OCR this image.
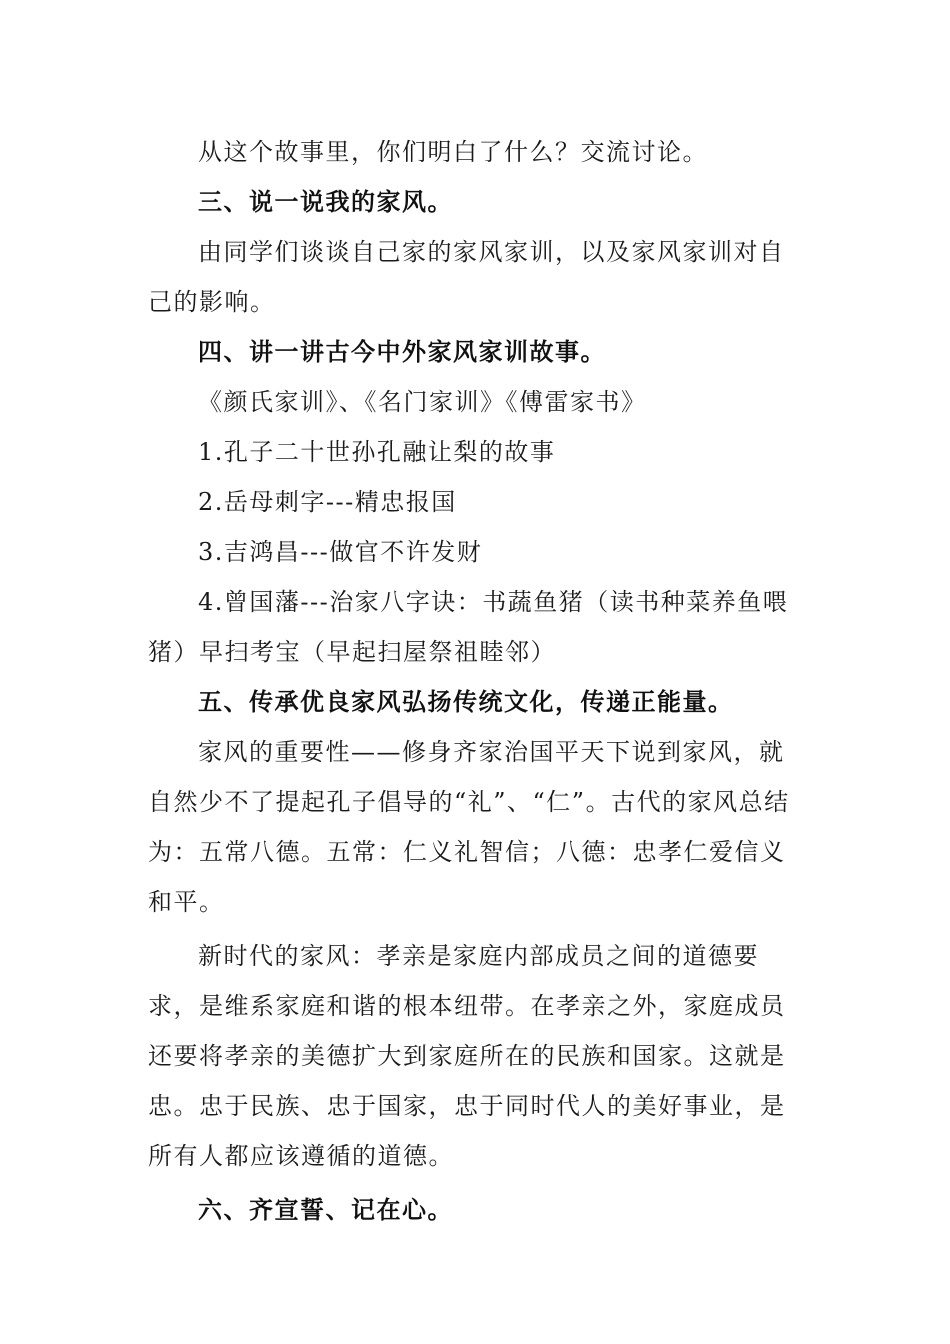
从这个故事里，你们明白了什么？交流讨论。

三、说一说我的家风。

由同学们谈谈自己家的家风家训，以及家风家训对自己的影响。

四、讲一讲古今中外家风家训故事。

《颜氏家训》、《名门家训》《傅雷家书》

1.孔子二十世孙孔融让梨的故事

2.岳母刺字---精忠报国

3.吉鸿昌---做官不许发财

4.曾国藩---治家八字诀：书蔬鱼猪（读书种菜养鱼喂猪）早扫考宝（早起扫屋祭祖睦邻）

五、传承优良家风弘扬传统文化，传递正能量。

家风的重要性——修身齐家治国平天下说到家风，就自然少不了提起孔子倡导的“礼”、“仁”。古代的家风总结为：五常八德。五常：仁义礼智信；八德：忠孝仁爱信义和平。

新时代的家风：孝亲是家庭内部成员之间的道德要求，是维系家庭和谐的根本纽带。在孝亲之外，家庭成员还要将孝亲的美德扩大到家庭所在的民族和国家。这就是忠。忠于民族、忠于国家，忠于同时代人的美好事业，是所有人都应该遵循的道德。

六、齐宣誓、记在心。
